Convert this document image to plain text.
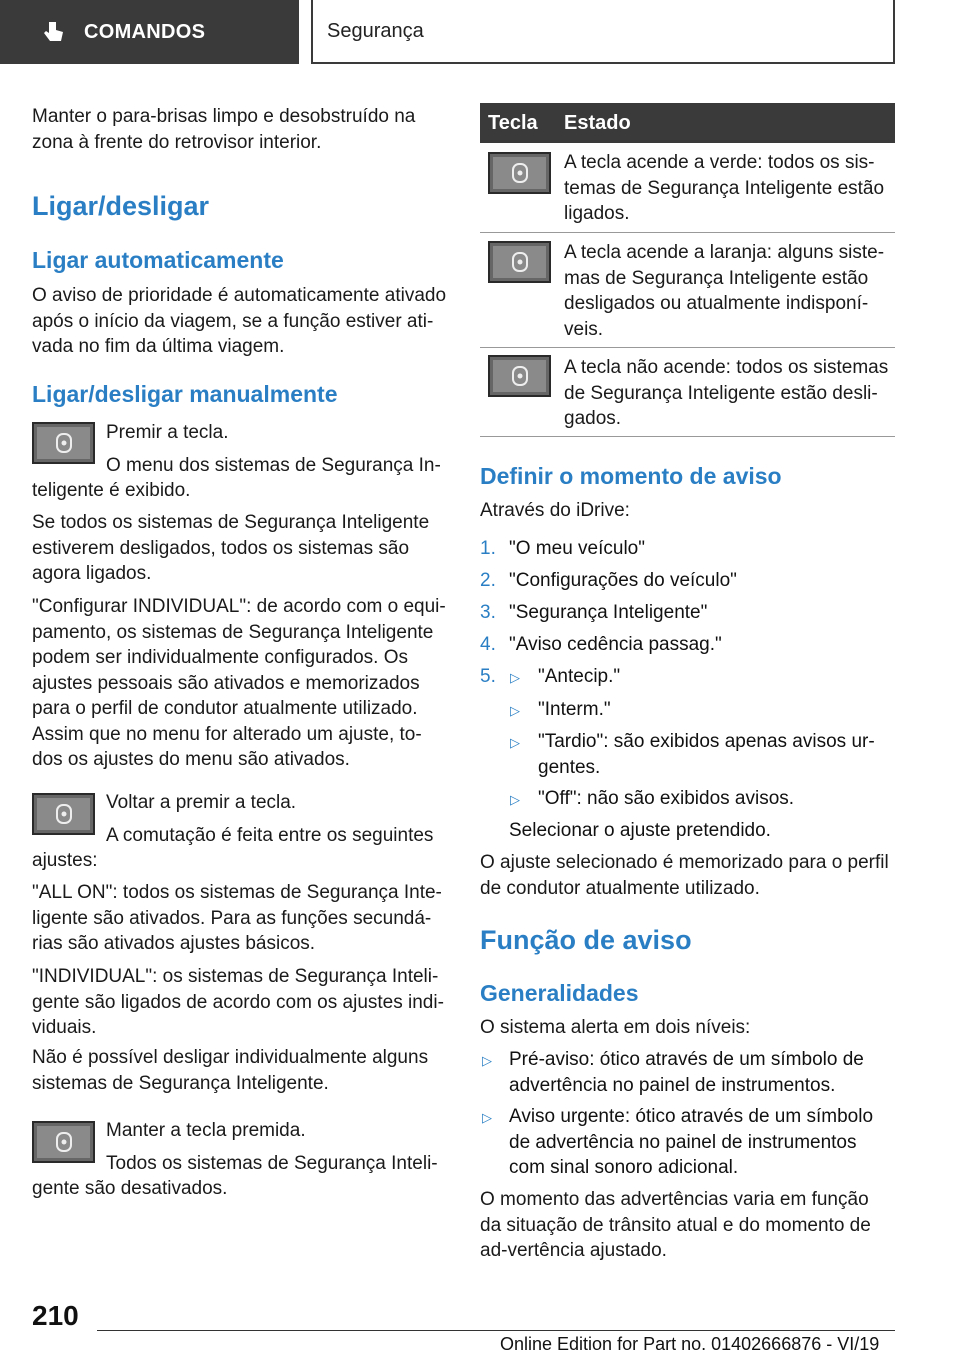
COMANDOS	Segurança
Manter o para-brisas limpo e desobstruído na zona à frente do retrovisor interior.
Ligar/desligar
Ligar automaticamente
O aviso de prioridade é automaticamente ativado após o início da viagem, se a função estiver ati-vada no fim da última viagem.
Ligar/desligar manualmente
Premir a tecla.
O menu dos sistemas de Segurança In-
teligente é exibido.
Se todos os sistemas de Segurança Inteligente estiverem desligados, todos os sistemas são agora ligados.
"Configurar INDIVIDUAL": de acordo com o equi-pamento, os sistemas de Segurança Inteligente podem ser individualmente configurados. Os ajustes pessoais são ativados e memorizados para o perfil de condutor atualmente utilizado. Assim que no menu for alterado um ajuste, to-dos os ajustes do menu são ativados.
Voltar a premir a tecla.
A comutação é feita entre os seguintes
ajustes:
"ALL ON": todos os sistemas de Segurança Inte-ligente são ativados. Para as funções secundá-rias são ativados ajustes básicos.
"INDIVIDUAL": os sistemas de Segurança Inteli-gente são ligados de acordo com os ajustes indi-viduais.
Não é possível desligar individualmente alguns sistemas de Segurança Inteligente.
Manter a tecla premida.
Todos os sistemas de Segurança Inteli-
gente são desativados.
Tecla Estado
A tecla acende a verde: todos os sis-temas de Segurança Inteligente estão ligados.
A tecla acende a laranja: alguns siste-mas de Segurança Inteligente estão desligados ou atualmente indisponí-veis.
A tecla não acende: todos os sistemas de Segurança Inteligente estão desli-gados.
Definir o momento de aviso
Através do iDrive:
1. "O meu veículo"
2. "Configurações do veículo"
3. "Segurança Inteligente"
4. "Aviso cedência passag."
5. ▷ "Antecip."
▷ "Interm."
▷ "Tardio": são exibidos apenas avisos ur-gentes.
▷ "Off": não são exibidos avisos.
Selecionar o ajuste pretendido.
O ajuste selecionado é memorizado para o perfil de condutor atualmente utilizado.
Função de aviso
Generalidades
O sistema alerta em dois níveis:
▷ Pré-aviso: ótico através de um símbolo de advertência no painel de instrumentos.
▷ Aviso urgente: ótico através de um símbolo de advertência no painel de instrumentos com sinal sonoro adicional.
O momento das advertências varia em função da situação de trânsito atual e do momento de ad-vertência ajustado.
210
Online Edition for Part no. 01402666876 - VI/19
